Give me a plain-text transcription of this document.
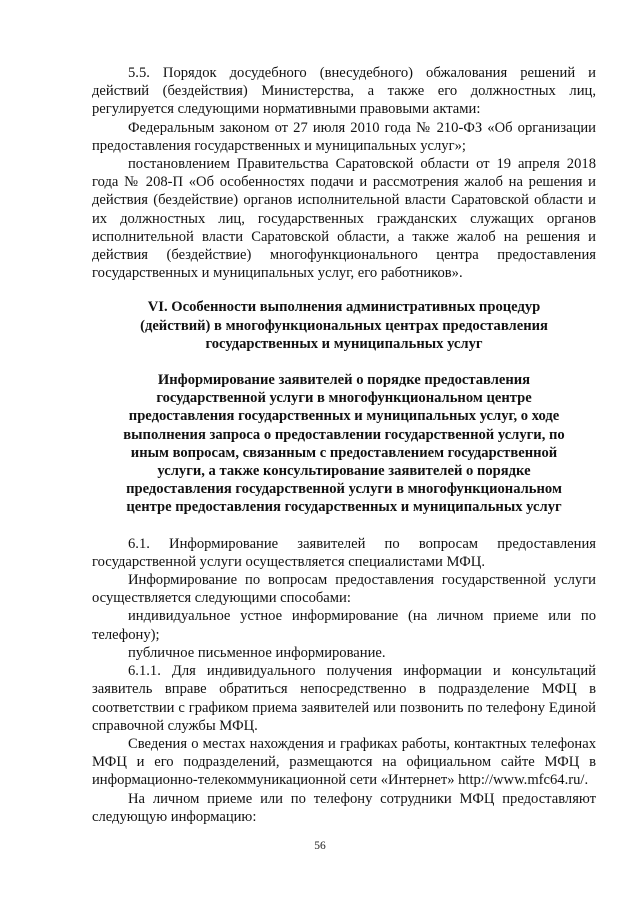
5.5. Порядок досудебного (внесудебного) обжалования решений и действий (бездействия) Министерства, а также его должностных лиц, регулируется следующими нормативными правовыми актами:

Федеральным законом от 27 июля 2010 года № 210-ФЗ «Об организации предоставления государственных и муниципальных услуг»;

постановлением Правительства Саратовской области от 19 апреля 2018 года № 208-П «Об особенностях подачи и рассмотрения жалоб на решения и действия (бездействие) органов исполнительной власти Саратовской области и их должностных лиц, государственных гражданских служащих органов исполнительной власти Саратовской области, а также жалоб на решения и действия (бездействие) многофункционального центра предоставления государственных и муниципальных услуг, его работников».

VI. Особенности выполнения административных процедур (действий) в многофункциональных центрах предоставления государственных и муниципальных услуг

Информирование заявителей о порядке предоставления государственной услуги в многофункциональном центре предоставления государственных и муниципальных услуг, о ходе выполнения запроса о предоставлении государственной услуги, по иным вопросам, связанным с предоставлением государственной услуги, а также консультирование заявителей о порядке предоставления государственной услуги в многофункциональном центре предоставления государственных и муниципальных услуг

6.1. Информирование заявителей по вопросам предоставления государственной услуги осуществляется специалистами МФЦ.

Информирование по вопросам предоставления государственной услуги осуществляется следующими способами:

индивидуальное устное информирование (на личном приеме или по телефону);

публичное письменное информирование.

6.1.1. Для индивидуального получения информации и консультаций заявитель вправе обратиться непосредственно в подразделение МФЦ в соответствии с графиком приема заявителей или позвонить по телефону Единой справочной службы МФЦ.

Сведения о местах нахождения и графиках работы, контактных телефонах МФЦ и его подразделений, размещаются на официальном сайте МФЦ в информационно-телекоммуникационной сети «Интернет» http://www.mfc64.ru/.

На личном приеме или по телефону сотрудники МФЦ предоставляют следующую информацию:

56
